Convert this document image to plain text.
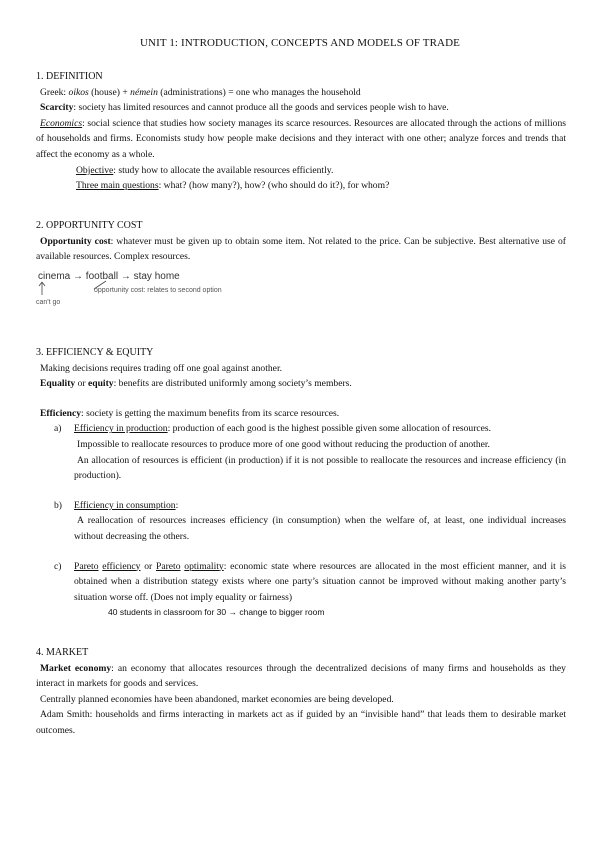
UNIT 1: INTRODUCTION, CONCEPTS AND MODELS OF TRADE
1. DEFINITION

Greek: oikos (house) + némein (administrations) = one who manages the household

Scarcity: society has limited resources and cannot produce all the goods and services people wish to have.

Economics: social science that studies how society manages its scarce resources. Resources are allocated through the actions of millions of households and firms. Economists study how people make decisions and they interact with one other; analyze forces and trends that affect the economy as a whole.

Objective: study how to allocate the available resources efficiently.

Three main questions: what? (how many?), how? (who should do it?), for whom?

2. OPPORTUNITY COST

Opportunity cost: whatever must be given up to obtain some item. Not related to the price. Can be subjective. Best alternative use of available resources. Complex resources.

cinema → football → stay home
opportunity cost: relates to second option
can't go
3. EFFICIENCY & EQUITY

Making decisions requires trading off one goal against another.

Equality or equity: benefits are distributed uniformly among society’s members.

Efficiency: society is getting the maximum benefits from its scarce resources.

a) Efficiency in production: production of each good is the highest possible given some allocation of resources.

Impossible to reallocate resources to produce more of one good without reducing the production of another.

An allocation of resources is efficient (in production) if it is not possible to reallocate the resources and increase efficiency (in production).

b) Efficiency in consumption:

A reallocation of resources increases efficiency (in consumption) when the welfare of, at least, one individual increases without decreasing the others.

c) Pareto efficiency or Pareto optimality: economic state where resources are allocated in the most efficient manner, and it is obtained when a distribution stategy exists where one party’s situation cannot be improved without making another party’s situation worse off. (Does not imply equality or fairness)

40 students in classroom for 30 → change to bigger room

4. MARKET

Market economy: an economy that allocates resources through the decentralized decisions of many firms and households as they interact in markets for goods and services.

Centrally planned economies have been abandoned, market economies are being developed.

Adam Smith: households and firms interacting in markets act as if guided by an “invisible hand” that leads them to desirable market outcomes.
